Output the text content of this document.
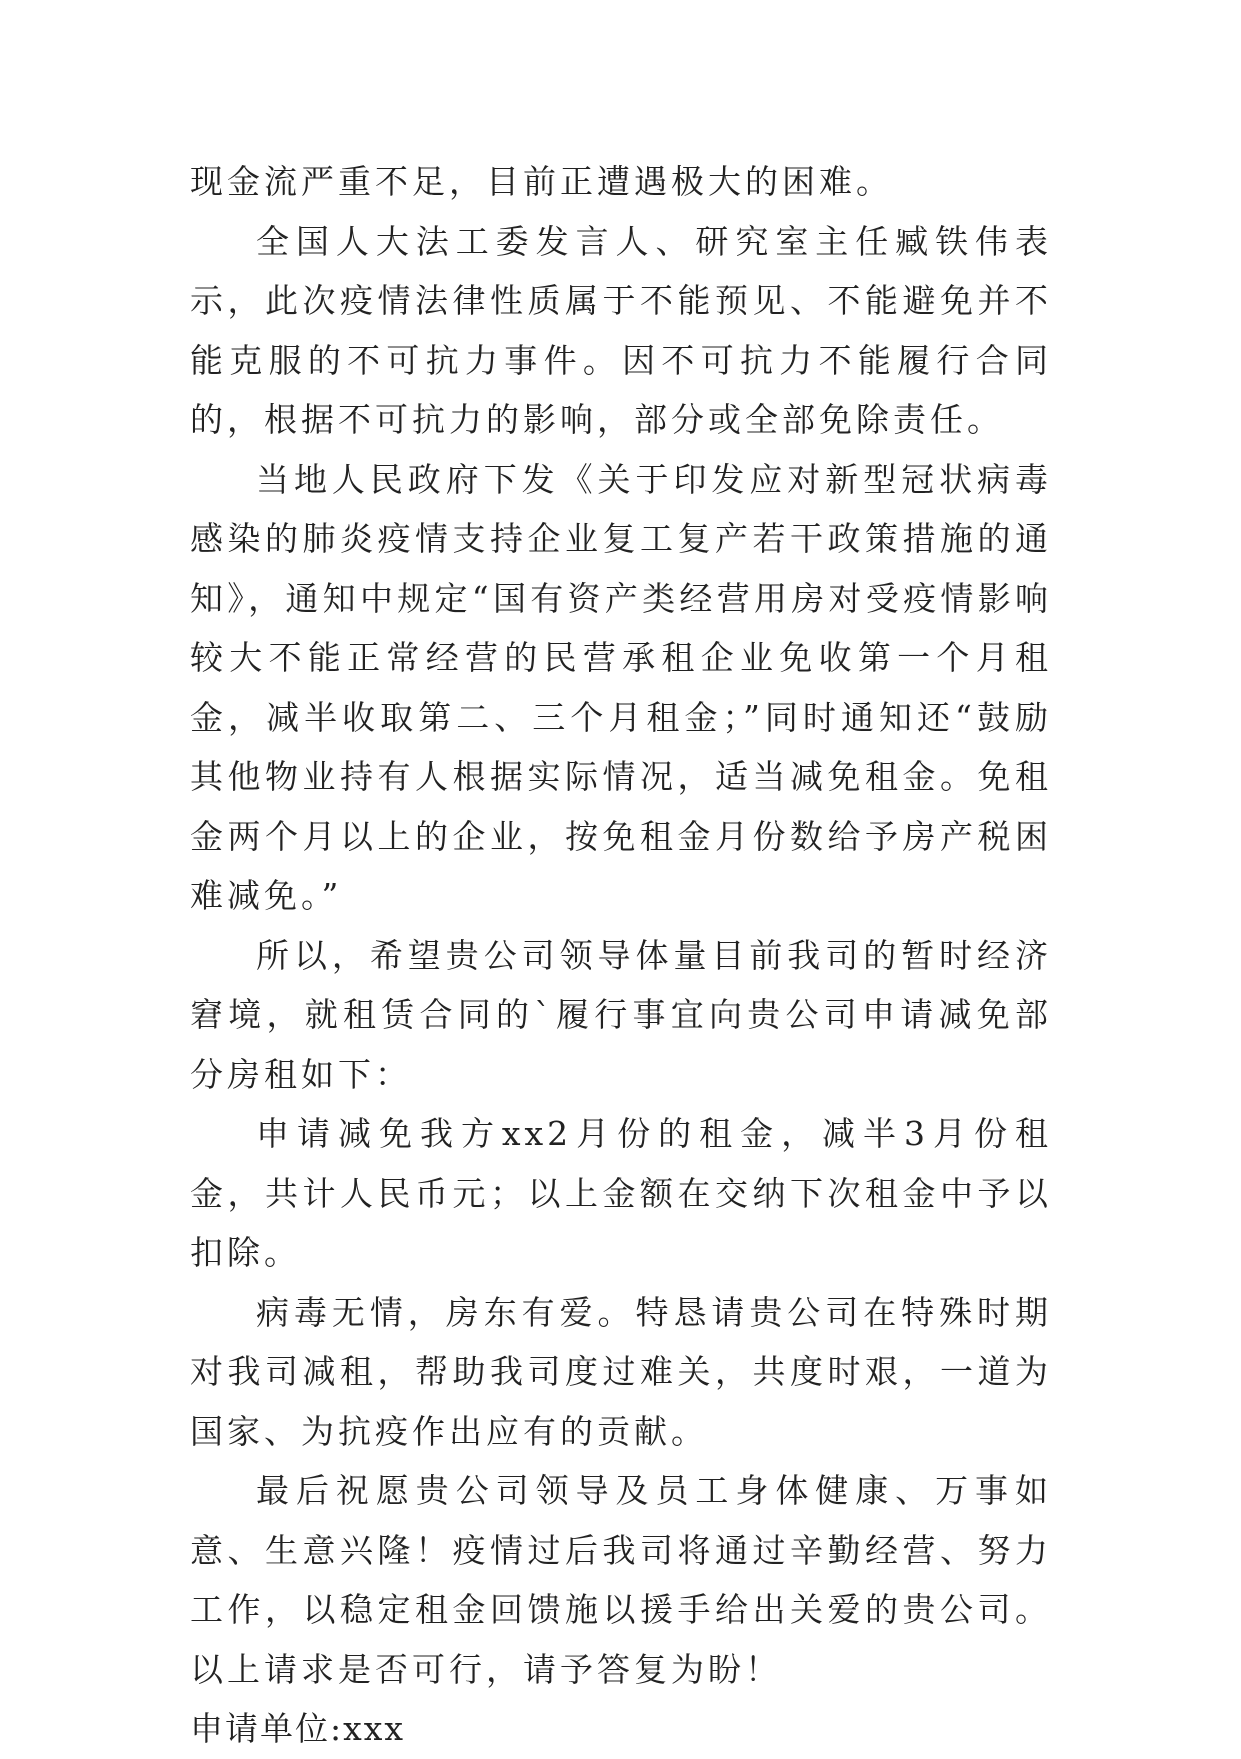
现金流严重不足，目前正遭遇极大的困难。

全国人大法工委发言人、研究室主任臧铁伟表示，此次疫情法律性质属于不能预见、不能避免并不能克服的不可抗力事件。因不可抗力不能履行合同的，根据不可抗力的影响，部分或全部免除责任。

当地人民政府下发《关于印发应对新型冠状病毒感染的肺炎疫情支持企业复工复产若干政策措施的通知》，通知中规定“国有资产类经营用房对受疫情影响较大不能正常经营的民营承租企业免收第一个月租金，减半收取第二、三个月租金；”同时通知还“鼓励其他物业持有人根据实际情况，适当减免租金。免租金两个月以上的企业，按免租金月份数给予房产税困难减免。”

所以，希望贵公司领导体量目前我司的暂时经济窘境，就租赁合同的`履行事宜向贵公司申请减免部分房租如下：

申请减免我方xx2月份的租金，减半3月份租金，共计人民币元；以上金额在交纳下次租金中予以扣除。

病毒无情，房东有爱。特恳请贵公司在特殊时期对我司减租，帮助我司度过难关，共度时艰，一道为国家、为抗疫作出应有的贡献。

最后祝愿贵公司领导及员工身体健康、万事如意、生意兴隆！疫情过后我司将通过辛勤经营、努力工作，以稳定租金回馈施以援手给出关爱的贵公司。以上请求是否可行，请予答复为盼！

申请单位:xxx
